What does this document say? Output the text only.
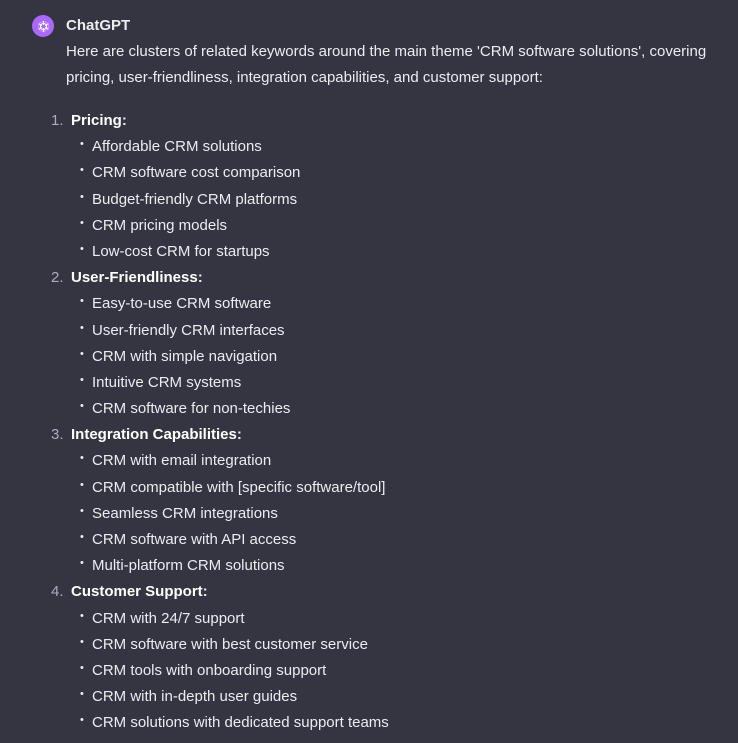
ChatGPT

Here are clusters of related keywords around the main theme 'CRM software solutions', covering pricing, user-friendliness, integration capabilities, and customer support:

1. Pricing:
• Affordable CRM solutions
• CRM software cost comparison
• Budget-friendly CRM platforms
• CRM pricing models
• Low-cost CRM for startups
2. User-Friendliness:
• Easy-to-use CRM software
• User-friendly CRM interfaces
• CRM with simple navigation
• Intuitive CRM systems
• CRM software for non-techies
3. Integration Capabilities:
• CRM with email integration
• CRM compatible with [specific software/tool]
• Seamless CRM integrations
• CRM software with API access
• Multi-platform CRM solutions
4. Customer Support:
• CRM with 24/7 support
• CRM software with best customer service
• CRM tools with onboarding support
• CRM with in-depth user guides
• CRM solutions with dedicated support teams
